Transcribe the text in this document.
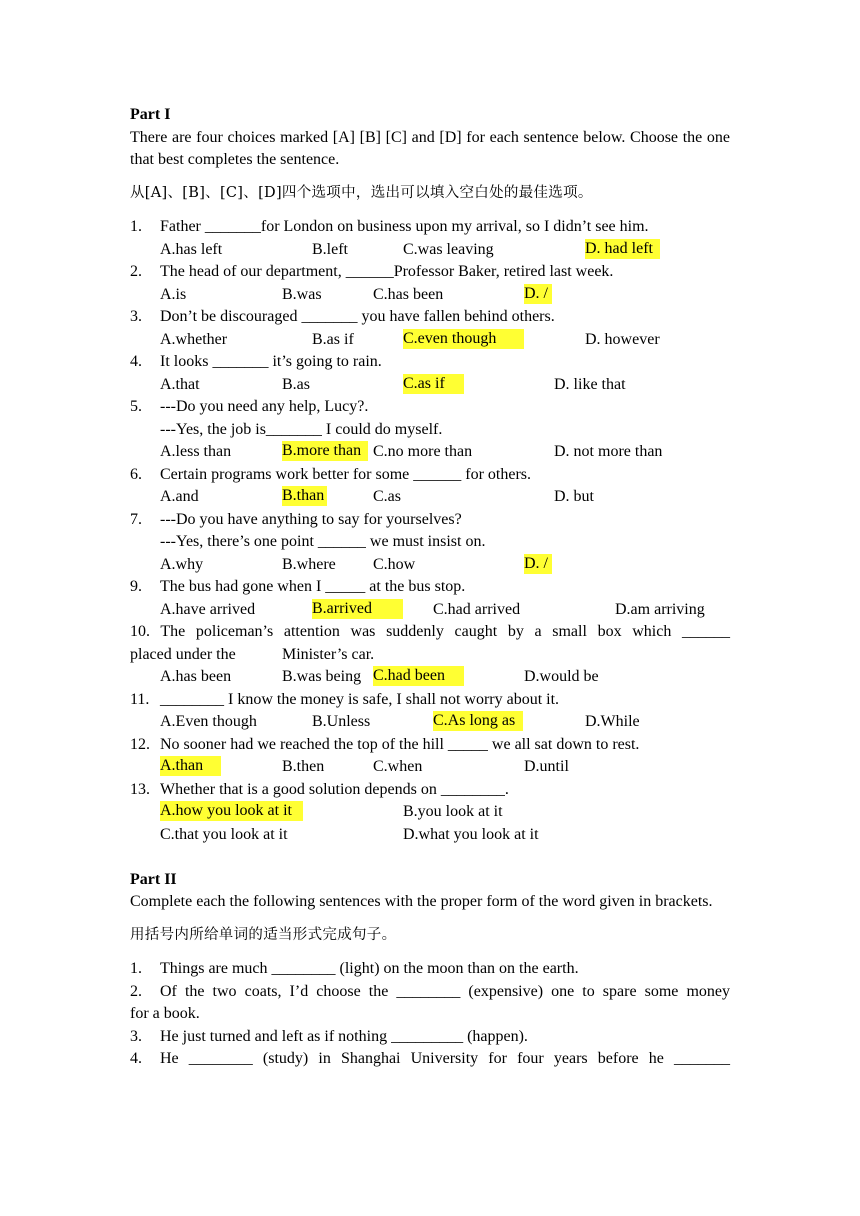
Part I
There are four choices marked [A] [B] [C] and [D] for each sentence below. Choose the one that best completes the sentence.
从[A]、[B]、[C]、[D]四个选项中，选出可以填入空白处的最佳选项。
1. Father _______for London on business upon my arrival, so I didn’t see him.
A.has left	B.left	C.was leaving	D. had left
2. The head of our department, ______Professor Baker, retired last week.
A.is	B.was	C.has been	D. /
3. Don’t be discouraged _______ you have fallen behind others.
A.whether	B.as if	C.even though	D. however
4. It looks _______ it’s going to rain.
A.that	B.as	C.as if	D. like that
5. ---Do you need any help, Lucy?.
---Yes, the job is_______ I could do myself.
A.less than	B.more than C.no more than	D. not more than
6. Certain programs work better for some ______ for others.
A.and	B.than	C.as	D. but
7. ---Do you have anything to say for yourselves?
---Yes, there’s one point ______ we must insist on.
A.why	B.where C.how	D. /
9. The bus had gone when I _____ at the bus stop.
A.have arrived	B.arrived	C.had arrived	D.am arriving
10. The policeman’s attention was suddenly caught by a small box which ______
placed under the	Minister’s car.
A.has been	B.was being C.had been	D.would be
11. ________ I know the money is safe, I shall not worry about it.
A.Even though	B.Unless	C.As long as	D.While
12. No sooner had we reached the top of the hill _____ we all sat down to rest.
A.than	B.then	C.when	D.until
13. Whether that is a good solution depends on ________.
A.how you look at it	B.you look at it
C.that you look at it	D.what you look at it
Part II
Complete each the following sentences with the proper form of the word given in brackets.
用括号内所给单词的适当形式完成句子。
1. Things are much ________ (light) on the moon than on the earth.
2. Of the two coats, I’d choose the ________ (expensive) one to spare some money
for a book.
3. He just turned and left as if nothing _________ (happen).
4. He ________ (study) in Shanghai University for four years before he _______
